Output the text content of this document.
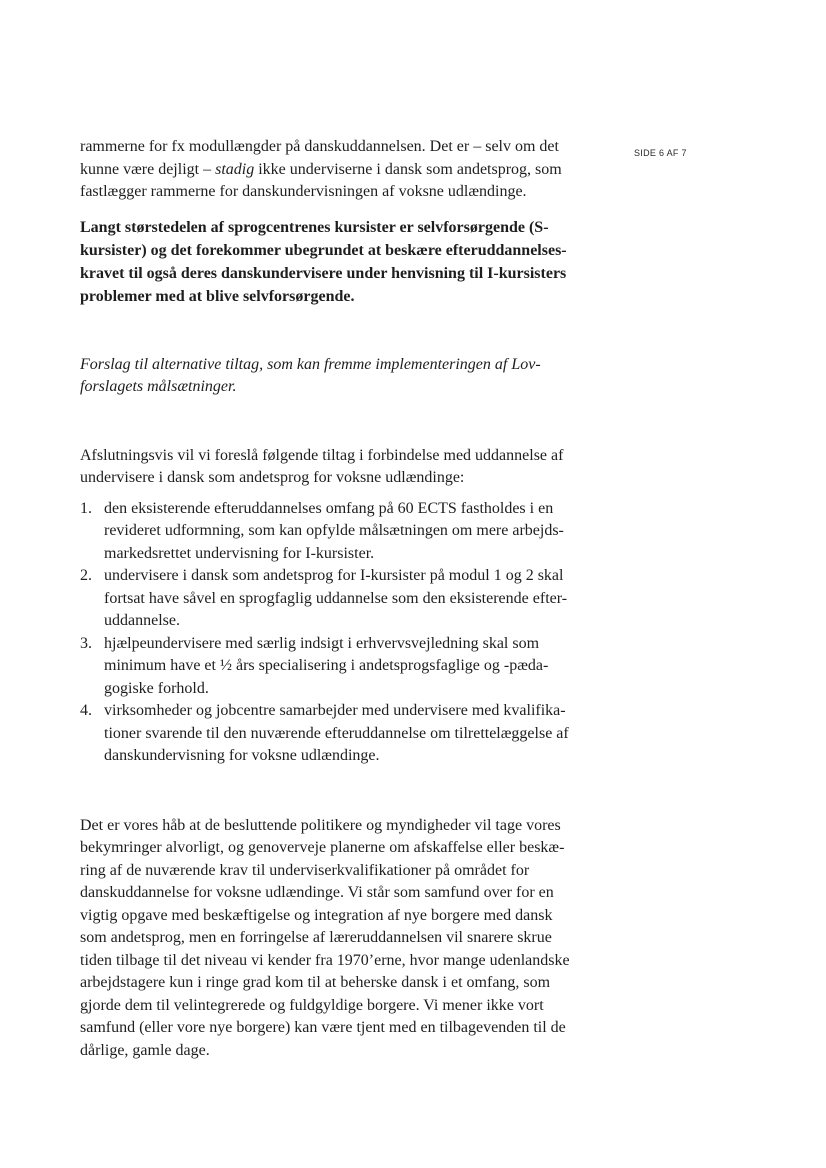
SIDE 6 AF 7

rammerne for fx modullængder på danskuddannelsen. Det er – selv om det
kunne være dejligt – stadig ikke underviserne i dansk som andetsprog, som
fastlægger rammerne for danskundervisningen af voksne udlændinge.

Langt størstedelen af sprogcentrenes kursister er selvforsørgende (S-
kursister) og det forekommer ubegrundet at beskære efteruddannelses-
kravet til også deres danskundervisere under henvisning til I-kursisters
problemer med at blive selvforsørgende.

Forslag til alternative tiltag, som kan fremme implementeringen af Lov-
forslagets målsætninger.

Afslutningsvis vil vi foreslå følgende tiltag i forbindelse med uddannelse af
undervisere i dansk som andetsprog for voksne udlændinge:

1. den eksisterende efteruddannelses omfang på 60 ECTS fastholdes i en
revideret udformning, som kan opfylde målsætningen om mere arbejds-
markedsrettet undervisning for I-kursister.
2. undervisere i dansk som andetsprog for I-kursister på modul 1 og 2 skal
fortsat have såvel en sprogfaglig uddannelse som den eksisterende efter-
uddannelse.
3. hjælpeundervisere med særlig indsigt i erhvervsvejledning skal som
minimum have et ½ års specialisering i andetsprogsfaglige og -pæda-
gogiske forhold.
4. virksomheder og jobcentre samarbejder med undervisere med kvalifika-
tioner svarende til den nuværende efteruddannelse om tilrettelæggelse af
danskundervisning for voksne udlændinge.

Det er vores håb at de besluttende politikere og myndigheder vil tage vores
bekymringer alvorligt, og genoverveje planerne om afskaffelse eller beskæ-
ring af de nuværende krav til underviserkvalifikationer på området for
danskuddannelse for voksne udlændinge. Vi står som samfund over for en
vigtig opgave med beskæftigelse og integration af nye borgere med dansk
som andetsprog, men en forringelse af læreruddannelsen vil snarere skrue
tiden tilbage til det niveau vi kender fra 1970’erne, hvor mange udenlandske
arbejdstagere kun i ringe grad kom til at beherske dansk i et omfang, som
gjorde dem til velintegrerede og fuldgyldige borgere. Vi mener ikke vort
samfund (eller vore nye borgere) kan være tjent med en tilbagevenden til de
dårlige, gamle dage.
